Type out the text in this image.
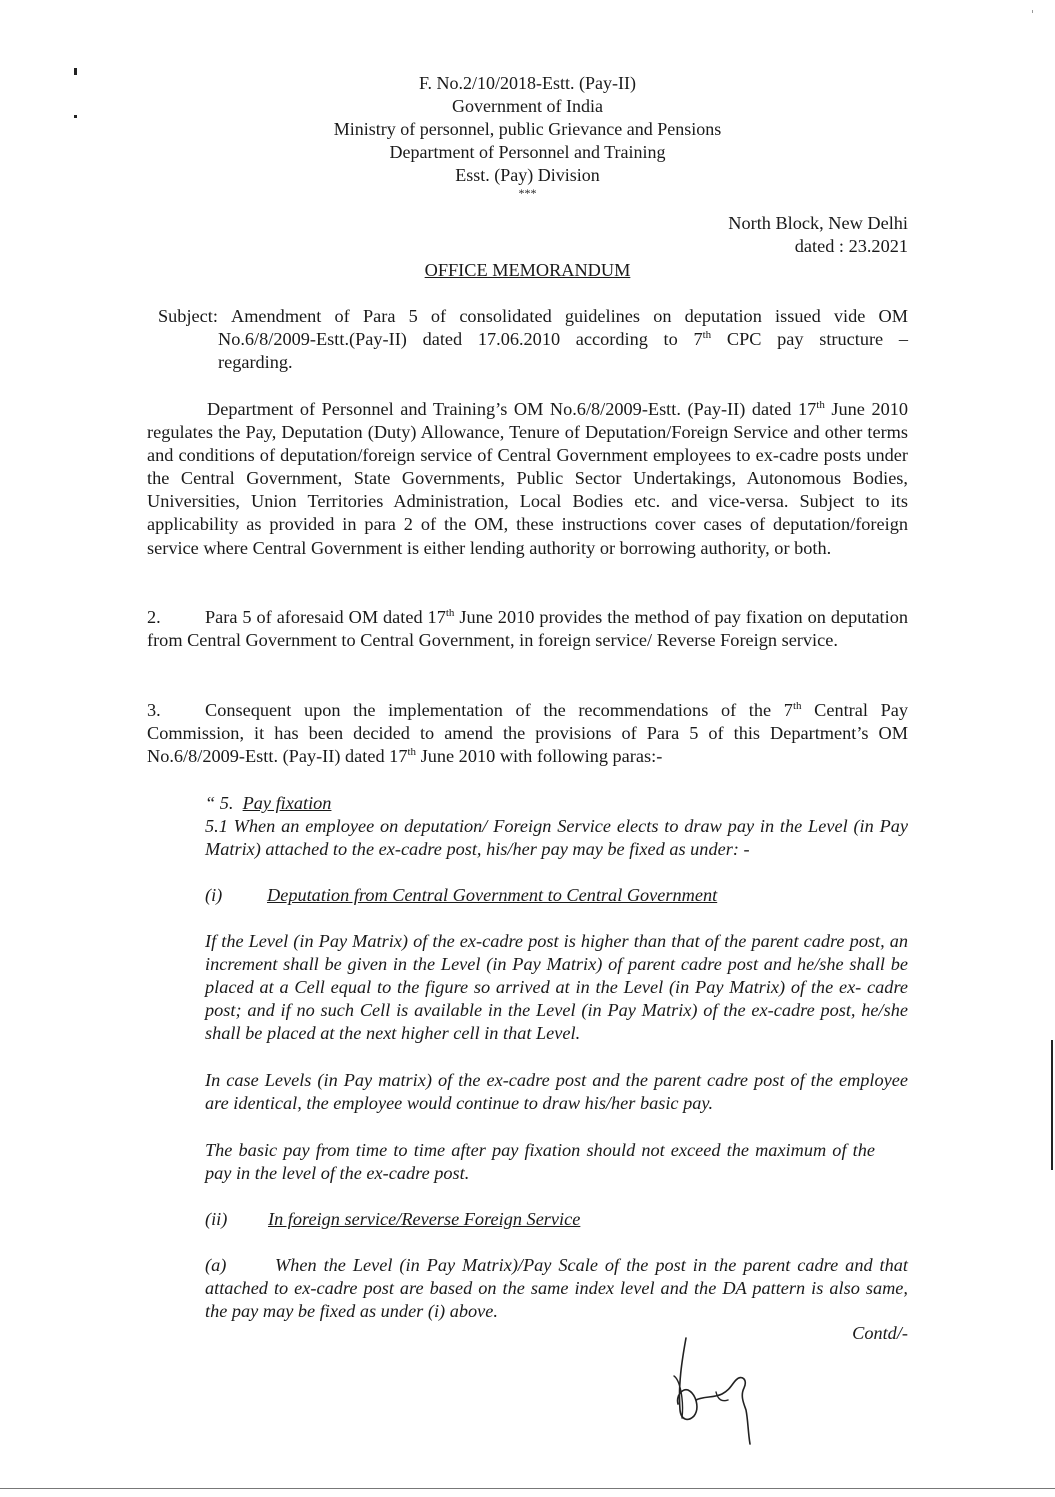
F. No.2/10/2018-Estt. (Pay-II)
Government of India
Ministry of personnel, public Grievance and Pensions
Department of Personnel and Training
Esst. (Pay) Division
***
North Block, New Delhi
dated : 23.2021
OFFICE MEMORANDUM
Subject: Amendment of Para 5 of consolidated guidelines on deputation issued vide OM
No.6/8/2009-Estt.(Pay-II) dated 17.06.2010 according to 7th CPC pay structure –
regarding.
Department of Personnel and Training’s OM No.6/8/2009-Estt. (Pay-II) dated 17th June 2010 regulates the Pay, Deputation (Duty) Allowance, Tenure of Deputation/Foreign Service and other terms and conditions of deputation/foreign service of Central Government employees to ex-cadre posts under the Central Government, State Governments, Public Sector Undertakings, Autonomous Bodies, Universities, Union Territories Administration, Local Bodies etc. and vice-versa. Subject to its applicability as provided in para 2 of the OM, these instructions cover cases of deputation/foreign service where Central Government is either lending authority or borrowing authority, or both.
2. Para 5 of aforesaid OM dated 17th June 2010 provides the method of pay fixation on deputation from Central Government to Central Government, in foreign service/ Reverse Foreign service.
3. Consequent upon the implementation of the recommendations of the 7th Central Pay Commission, it has been decided to amend the provisions of Para 5 of this Department’s OM No.6/8/2009-Estt. (Pay-II) dated 17th June 2010 with following paras:-
“ 5. Pay fixation
5.1 When an employee on deputation/ Foreign Service elects to draw pay in the Level (in Pay Matrix) attached to the ex-cadre post, his/her pay may be fixed as under: -
(i) Deputation from Central Government to Central Government
If the Level (in Pay Matrix) of the ex-cadre post is higher than that of the parent cadre post, an increment shall be given in the Level (in Pay Matrix) of parent cadre post and he/she shall be placed at a Cell equal to the figure so arrived at in the Level (in Pay Matrix) of the ex- cadre post; and if no such Cell is available in the Level (in Pay Matrix) of the ex-cadre post, he/she shall be placed at the next higher cell in that Level.
In case Levels (in Pay matrix) of the ex-cadre post and the parent cadre post of the employee are identical, the employee would continue to draw his/her basic pay.
The basic pay from time to time after pay fixation should not exceed the maximum of the pay in the level of the ex-cadre post.
(ii) In foreign service/Reverse Foreign Service
(a)	When the Level (in Pay Matrix)/Pay Scale of the post in the parent cadre and that attached to ex-cadre post are based on the same index level and the DA pattern is also same, the pay may be fixed as under (i) above.
Contd/-
